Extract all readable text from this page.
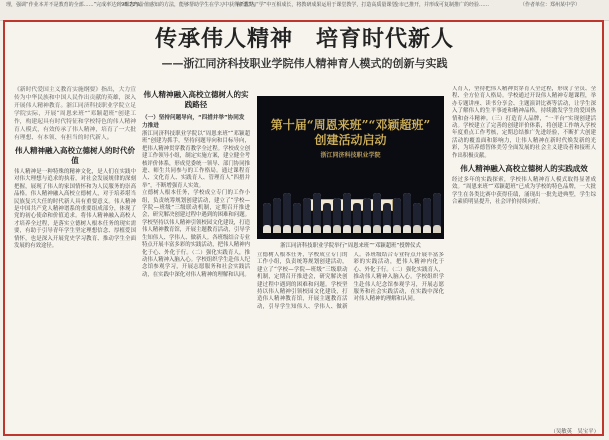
理，强调“作业本并不是教育的全部……”完成率达到96.72%。
理念与价值感知的方法，能够帮助学生在学习中获得新思路。
在“教”与“学”中互相成长，将教研成果运用于课堂教学，打造高质量课堂。
全市已推开，并形成可复制推广的经验……	（作者单位：郑州某中学）
传承伟人精神　培育时代新人
——浙江同济科技职业学院伟人精神育人模式的创新与实践

《新时代爱国主义教育实施纲要》指出，大力宣传为中华民族和中国人民作出贡献的英雄，深入开展伟人精神教育。浙江同济科技职业学院立足学院实际，开展“周恩来班”“邓颖超班”创建工作，构建起具有时代特征和学校特色的伟人精神育人模式，有效传承了伟人精神，培育了一大批有理想、有本领、有担当的时代新人。

伟人精神融入高校立德树人的时代价值

伟人精神是一种特殊的精神文化，是人们在实践中对伟大理想与追求的执着，对社会发展规律的深刻把握，展现了伟人的家国情怀和为人民服务的崇高品格。伟人精神融入高校立德树人，对于培养堪当民族复兴大任的时代新人具有重要意义。伟人精神是中国共产党人精神谱系的重要组成部分，体现了党的初心使命和价值追求。将伟人精神融入高校人才培养全过程，是落实立德树人根本任务的现实需要，有助于引导青年学生坚定理想信念、厚植爱国情怀，也是深入开展党史学习教育、推动学生全面发展的有效途径。

伟人精神融入高校立德树人的实践路径
（一）坚持问题导向，“四措并举”协同发力推进

浙江同济科技职业学院以“周恩来班”“邓颖超班”创建为抓手，坚持问题导向和目标导向，把伟人精神贯穿教育教学全过程。学校成立创建工作领导小组，制定实施方案，建立健全考核评价体系，形成党委统一领导、部门协同推进、师生共同参与的工作格局。通过课程育人、文化育人、实践育人、管理育人“四措并举”，不断增强育人实效。

立德树人根本任务，学校成立专门的工作小组，负责统筹规划创建活动，建立了“学校—学院—班级”三级联动机制，定期召开推进会，研究解决创建过程中遇到的困难和问题。学校坚持以伟人精神引领校园文化建设，打造伟人精神教育馆，开展主题教育活动，引导学生知伟人、学伟人、做新人。各班级结合专业特点开展丰富多彩的实践活动，把伟人精神内化于心、外化于行。（二）强化实践育人，推动伟人精神入脑入心。学校组织学生赴伟人纪念馆参观学习，开展志愿服务和社会实践活动，在实践中深化对伟人精神的理解和认同。

第十届“周恩来班”“邓颖超班”
创建活动启动
浙江同济科技职业学院
浙江同济科技职业学院举行“周恩来班”“邓颖超班”授牌仪式

立德树人根本任务，学校成立专门的工作小组，负责统筹规划创建活动，建立了“学校—学院—班级”三级联动机制，定期召开推进会，研究解决创建过程中遇到的困难和问题。学校坚持以伟人精神引领校园文化建设，打造伟人精神教育馆，开展主题教育活动，引导学生知伟人、学伟人、做新人。各班级结合专业特点开展丰富多彩的实践活动，把伟人精神内化于心、外化于行。（二）强化实践育人，推动伟人精神入脑入心。学校组织学生赴伟人纪念馆参观学习，开展志愿服务和社会实践活动，在实践中深化对伟人精神的理解和认同。

人育人，坚持把伟人精神贯穿育人全过程，形成了全员、全程、全方位育人格局。学校通过开设伟人精神专题课程，举办专题讲座、读书分享会、主题演讲比赛等活动，让学生深入了解伟人的生平事迹和精神品格，持续激发学生的爱国热情和奋斗精神。（三）打造育人品牌，“一平台”实现创建活动。学校建立了完善的创建评价体系，将创建工作纳入学校年度重点工作考核，定期总结推广先进经验，不断扩大创建活动的覆盖面和影响力，让伟人精神在新时代焕发新的光彩，为培养德智体美劳全面发展的社会主义建设者和接班人作出积极贡献。

伟人精神融入高校立德树人的实践成效

经过多年的实践探索，学校伟人精神育人模式取得显著成效。“周恩来班”“邓颖超班”已成为学校的特色品牌，一大批学生在各类比赛中获得佳绩，涌现出一批先进典型，学生综合素质明显提升，社会评价持续向好。

（吴敏英　吴宝平）
